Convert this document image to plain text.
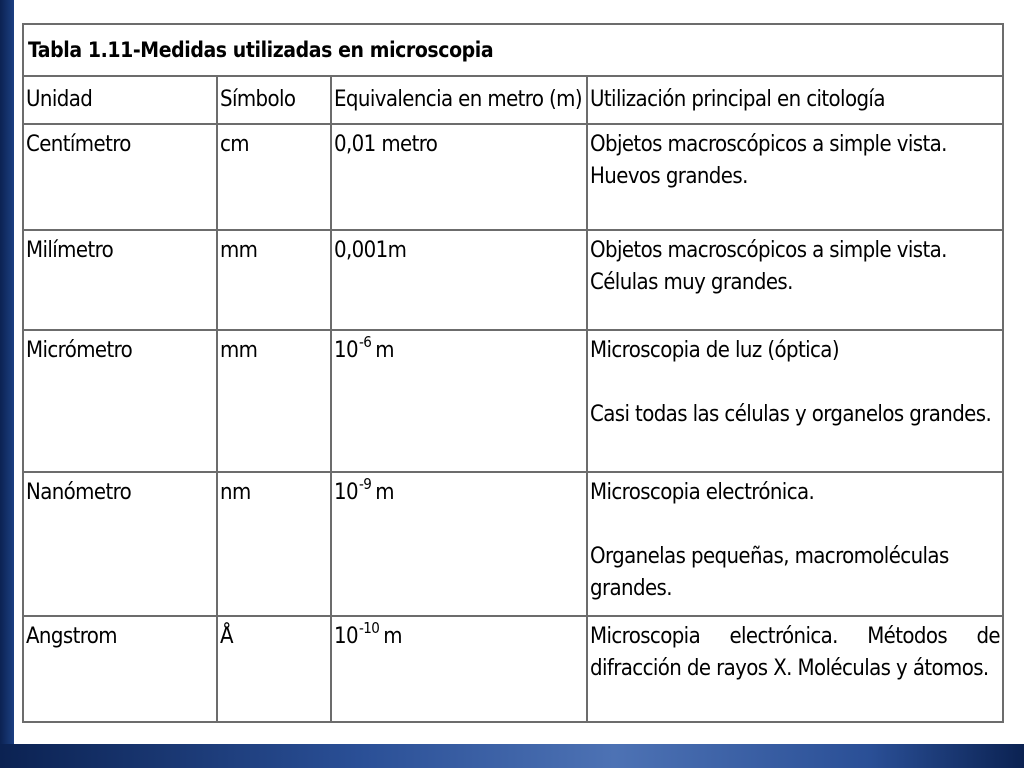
Tabla 1.11-Medidas utilizadas en microscopia			

Unidad	Símbolo	Equivalencia en metro (m)	Utilización principal en citología

Centímetro	cm	0,01 metro	Objetos macroscópicos a simple vista. Huevos grandes.

Milímetro	mm	0,001m	Objetos macroscópicos a simple vista. Células muy grandes.

Micrómetro	mm	$10^{-6}$ m	Microscopia de luz (óptica)
Casi todas las células y organelos grandes.

Nanómetro	nm	$10^{-9}$ m	Microscopia electrónica.
Organelas pequeñas, macromoléculas grandes.

Angstrom	Å	$10^{-10}$ m	Microscopia electrónica. Métodos de difracción de rayos X. Moléculas y átomos.
